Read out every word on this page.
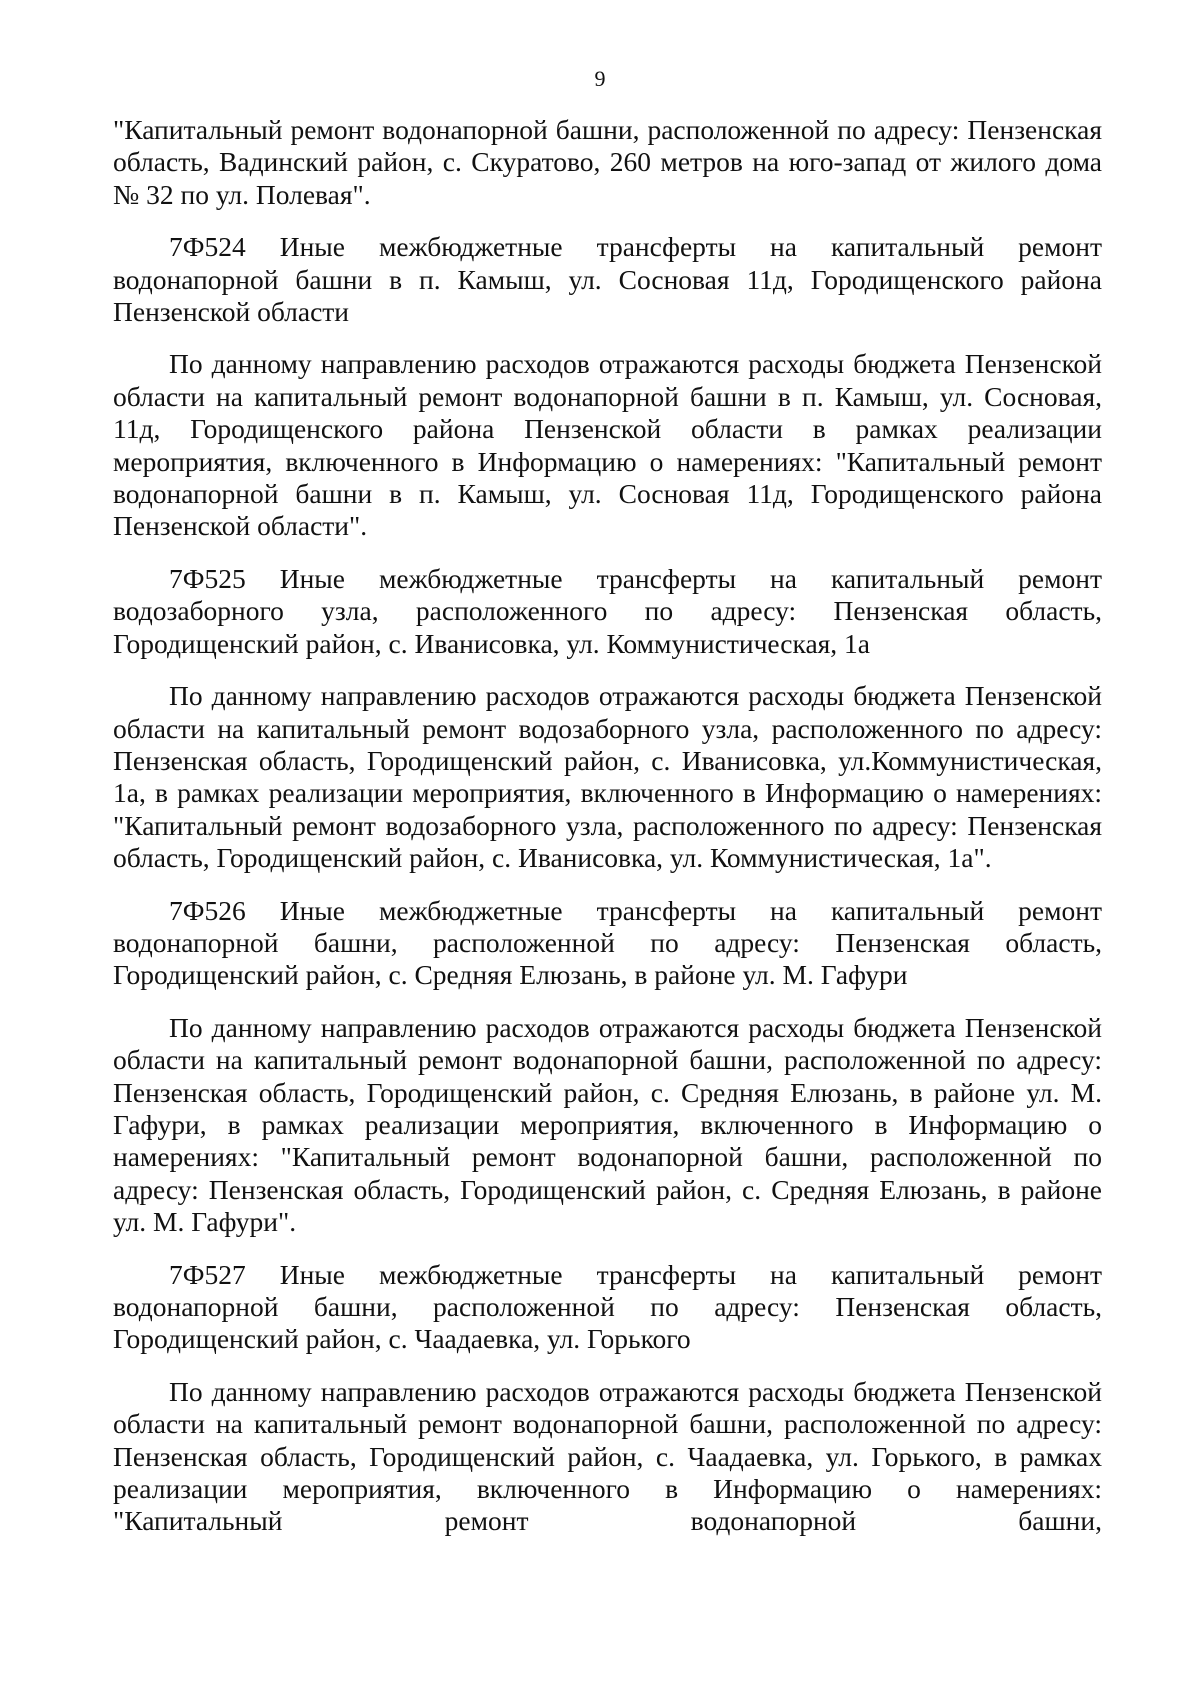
9

"Капитальный ремонт водонапорной башни, расположенной по адресу: Пензенская область, Вадинский район, с. Скуратово, 260 метров на юго-запад от жилого дома № 32 по ул. Полевая".

7Ф524 Иные межбюджетные трансферты на капитальный ремонт водонапорной башни в п. Камыш, ул. Сосновая 11д, Городищенского района Пензенской области

По данному направлению расходов отражаются расходы бюджета Пензенской области на капитальный ремонт водонапорной башни в п. Камыш, ул. Сосновая, 11д, Городищенского района Пензенской области в рамках реализации мероприятия, включенного в Информацию о намерениях: "Капитальный ремонт водонапорной башни в п. Камыш, ул. Сосновая 11д, Городищенского района Пензенской области".

7Ф525 Иные межбюджетные трансферты на капитальный ремонт водозаборного узла, расположенного по адресу: Пензенская область, Городищенский район, с. Иванисовка, ул. Коммунистическая, 1а

По данному направлению расходов отражаются расходы бюджета Пензенской области на капитальный ремонт водозаборного узла, расположенного по адресу: Пензенская область, Городищенский район, с. Иванисовка, ул.Коммунистическая, 1а, в рамках реализации мероприятия, включенного в Информацию о намерениях: "Капитальный ремонт водозаборного узла, расположенного по адресу: Пензенская область, Городищенский район, с. Иванисовка, ул. Коммунистическая, 1а".

7Ф526 Иные межбюджетные трансферты на капитальный ремонт водонапорной башни, расположенной по адресу: Пензенская область, Городищенский район, с. Средняя Елюзань, в районе ул. М. Гафури

По данному направлению расходов отражаются расходы бюджета Пензенской области на капитальный ремонт водонапорной башни, расположенной по адресу: Пензенская область, Городищенский район, с. Средняя Елюзань, в районе ул. М. Гафури, в рамках реализации мероприятия, включенного в Информацию о намерениях: "Капитальный ремонт водонапорной башни, расположенной по адресу: Пензенская область, Городищенский район, с. Средняя Елюзань, в районе ул. М. Гафури".

7Ф527 Иные межбюджетные трансферты на капитальный ремонт водонапорной башни, расположенной по адресу: Пензенская область, Городищенский район, с. Чаадаевка, ул. Горького

По данному направлению расходов отражаются расходы бюджета Пензенской области на капитальный ремонт водонапорной башни, расположенной по адресу: Пензенская область, Городищенский район, с. Чаадаевка, ул. Горького, в рамках реализации мероприятия, включенного в Информацию о намерениях: "Капитальный ремонт водонапорной башни,
